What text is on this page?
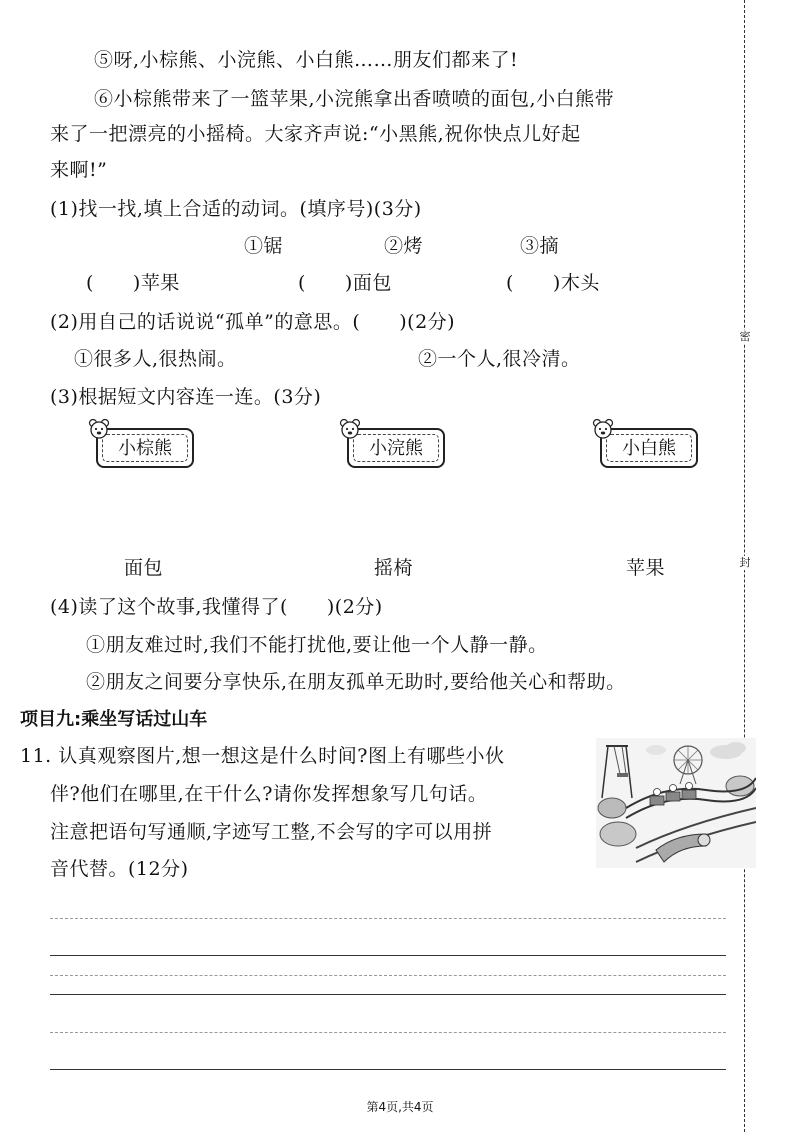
密
封
⑤呀,小棕熊、小浣熊、小白熊……朋友们都来了!
⑥小棕熊带来了一篮苹果,小浣熊拿出香喷喷的面包,小白熊带
来了一把漂亮的小摇椅。大家齐声说:“小黑熊,祝你快点儿好起
来啊!”
(1)找一找,填上合适的动词。(填序号)(3分)
①锯	②烤	③摘
(　　)苹果	(　　)面包	(　　)木头
(2)用自己的话说说“孤单”的意思。(　　)(2分)
①很多人,很热闹。	②一个人,很冷清。
(3)根据短文内容连一连。(3分)
小棕熊	小浣熊	小白熊
面包	摇椅	苹果
(4)读了这个故事,我懂得了(　　)(2分)
①朋友难过时,我们不能打扰他,要让他一个人静一静。
②朋友之间要分享快乐,在朋友孤单无助时,要给他关心和帮助。
项目九:乘坐写话过山车
11. 认真观察图片,想一想这是什么时间?图上有哪些小伙
伴?他们在哪里,在干什么?请你发挥想象写几句话。
注意把语句写通顺,字迹写工整,不会写的字可以用拼
音代替。(12分)
第4页,共4页
